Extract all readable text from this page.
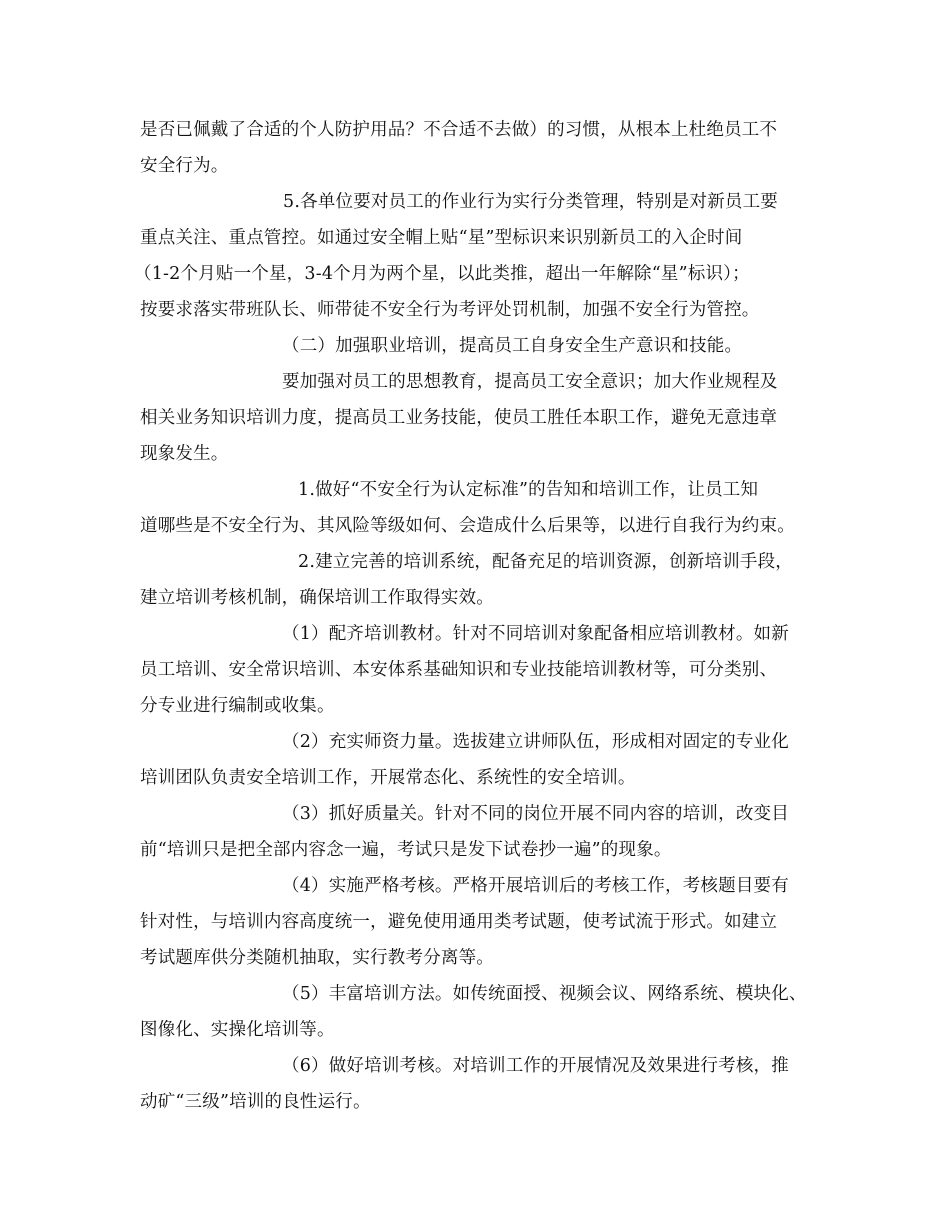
是否已佩戴了合适的个人防护用品？不合适不去做）的习惯，从根本上杜绝员工不

安全行为。

5.各单位要对员工的作业行为实行分类管理，特别是对新员工要

重点关注、重点管控。如通过安全帽上贴“星”型标识来识别新员工的入企时间

（1-2个月贴一个星，3-4个月为两个星，以此类推，超出一年解除“星”标识）；

按要求落实带班队长、师带徒不安全行为考评处罚机制，加强不安全行为管控。

（二）加强职业培训，提高员工自身安全生产意识和技能。

要加强对员工的思想教育，提高员工安全意识；加大作业规程及

相关业务知识培训力度，提高员工业务技能，使员工胜任本职工作，避免无意违章

现象发生。

1.做好“不安全行为认定标准”的告知和培训工作，让员工知

道哪些是不安全行为、其风险等级如何、会造成什么后果等，以进行自我行为约束。

2.建立完善的培训系统，配备充足的培训资源，创新培训手段，

建立培训考核机制，确保培训工作取得实效。

（1）配齐培训教材。针对不同培训对象配备相应培训教材。如新

员工培训、安全常识培训、本安体系基础知识和专业技能培训教材等，可分类别、

分专业进行编制或收集。

（2）充实师资力量。选拔建立讲师队伍，形成相对固定的专业化

培训团队负责安全培训工作，开展常态化、系统性的安全培训。

（3）抓好质量关。针对不同的岗位开展不同内容的培训，改变目

前“培训只是把全部内容念一遍，考试只是发下试卷抄一遍”的现象。

（4）实施严格考核。严格开展培训后的考核工作，考核题目要有

针对性，与培训内容高度统一，避免使用通用类考试题，使考试流于形式。如建立

考试题库供分类随机抽取，实行教考分离等。

（5）丰富培训方法。如传统面授、视频会议、网络系统、模块化、

图像化、实操化培训等。

（6）做好培训考核。对培训工作的开展情况及效果进行考核，推

动矿“三级”培训的良性运行。
